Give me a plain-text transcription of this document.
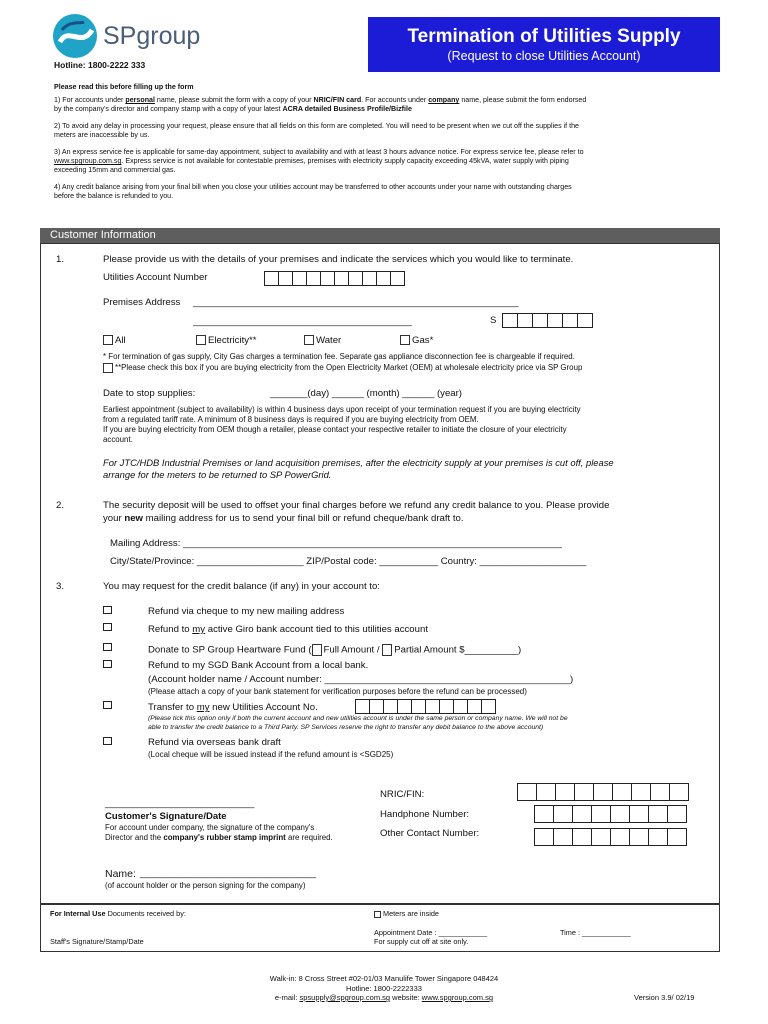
SPgroup
Hotline: 1800-2222 333
Termination of Utilities Supply
(Request to close Utilities Account)
Please read this before filling up the form
1) For accounts under personal name, please submit the form with a copy of your NRIC/FIN card. For accounts under company name, please submit the form endorsed
by the company's director and company stamp with a copy of your latest ACRA detailed Business Profile/Bizfile
2) To avoid any delay in processing your request, please ensure that all fields on this form are completed. You will need to be present when we cut off the supplies if the
meters are inaccessible by us.
3) An express service fee is applicable for same-day appointment, subject to availability and with at least 3 hours advance notice. For express service fee, please refer to
www.spgroup.com.sg. Express service is not available for contestable premises, premises with electricity supply capacity exceeding 45kVA, water supply with piping
exceeding 15mm and commercial gas.
4) Any credit balance arising from your final bill when you close your utilities account may be transferred to other accounts under your name with outstanding charges
before the balance is refunded to you.
Customer Information
1.	Please provide us with the details of your premises and indicate the services which you would like to terminate.
Utilities Account Number
Premises Address _____________________________________________________________
_________________________________________	S
All	Electricity**	Water	Gas*
* For termination of gas supply, City Gas charges a termination fee. Separate gas appliance disconnection fee is chargeable if required.
**Please check this box if you are buying electricity from the Open Electricity Market (OEM) at wholesale electricity price via SP Group
Date to stop supplies:	_______(day) ______ (month) ______ (year)
Earliest appointment (subject to availability) is within 4 business days upon receipt of your termination request if you are buying electricity
from a regulated tariff rate. A minimum of 8 business days is required if you are buying electricity from OEM.
If you are buying electricity from OEM though a retailer, please contact your respective retailer to initiate the closure of your electricity
account.
For JTC/HDB Industrial Premises or land acquisition premises, after the electricity supply at your premises is cut off, please
arrange for the meters to be returned to SP PowerGrid.
2.	The security deposit will be used to offset your final charges before we refund any credit balance to you. Please provide
your new mailing address for us to send your final bill or refund cheque/bank draft to.
Mailing Address: _______________________________________________________________________
City/State/Province: ____________________ ZIP/Postal code: ___________ Country: ____________________
3.	You may request for the credit balance (if any) in your account to:
Refund via cheque to my new mailing address
Refund to my active Giro bank account tied to this utilities account
Donate to SP Group Heartware Fund ( Full Amount / Partial Amount $__________)
Refund to my SGD Bank Account from a local bank.
(Account holder name / Account number: ______________________________________________)
(Please attach a copy of your bank statement for verification purposes before the refund can be processed)
Transfer to my new Utilities Account No.
(Please tick this option only if both the current account and new utilities account is under the same person or company name. We will not be
able to transfer the credit balance to a Third Party. SP Services reserve the right to transfer any debit balance to the above account)
Refund via overseas bank draft
(Local cheque will be issued instead if the refund amount is <SGD25)
____________________________
Customer's Signature/Date
For account under company, the signature of the company's
Director and the company's rubber stamp imprint are required.
NRIC/FIN:
Handphone Number:
Other Contact Number:
Name: _________________________________
(of account holder or the person signing for the company)
For Internal Use Documents received by:
Staff's Signature/Stamp/Date
Meters are inside
Appointment Date : ____________	Time : ____________
For supply cut off at site only.
Walk-in: 8 Cross Street #02-01/03 Manulife Tower Singapore 048424
Hotline: 1800-2222333
e-mail: spsupply@spgroup.com.sg website: www.spgroup.com.sg	Version 3.9/ 02/19
